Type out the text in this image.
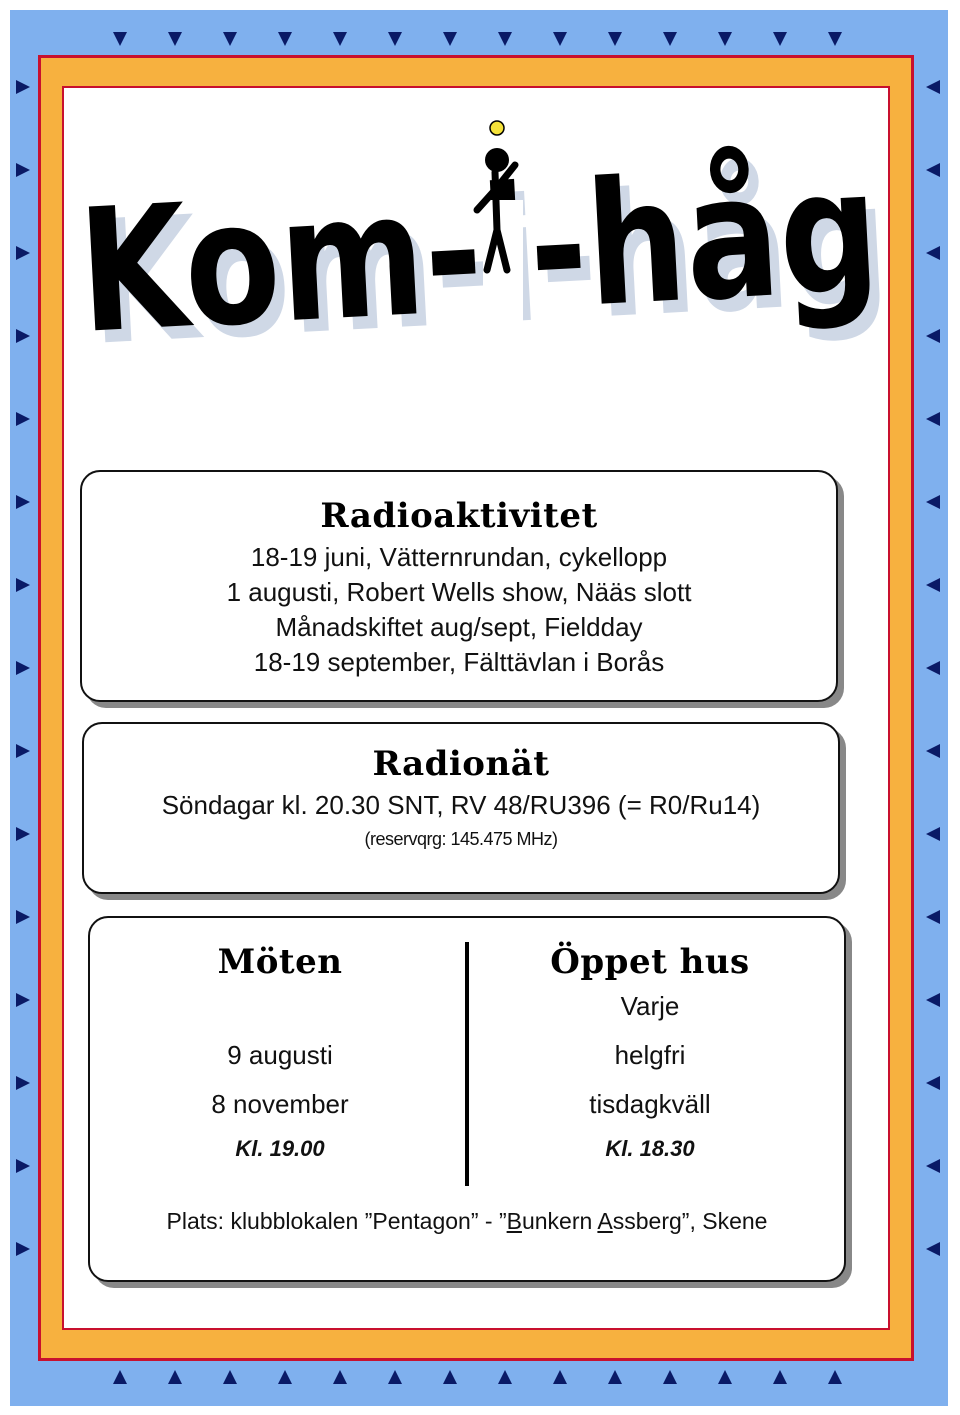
Radioaktivitet
18-19 juni, Vätternrundan, cykellopp
1 augusti, Robert Wells show, Nääs slott
Månadskiftet aug/sept, Fieldday
18-19 september, Fälttävlan i Borås
Radionät
Söndagar kl. 20.30 SNT, RV 48/RU396 (= R0/Ru14)
(reservqrg: 145.475 MHz)
Möten
9 augusti
8 november
Kl. 19.00
Öppet hus
Varje
helgfri
tisdagkväll
Kl. 18.30
Plats: klubblokalen ”Pentagon” - ”Bunkern Assberg”, Skene
